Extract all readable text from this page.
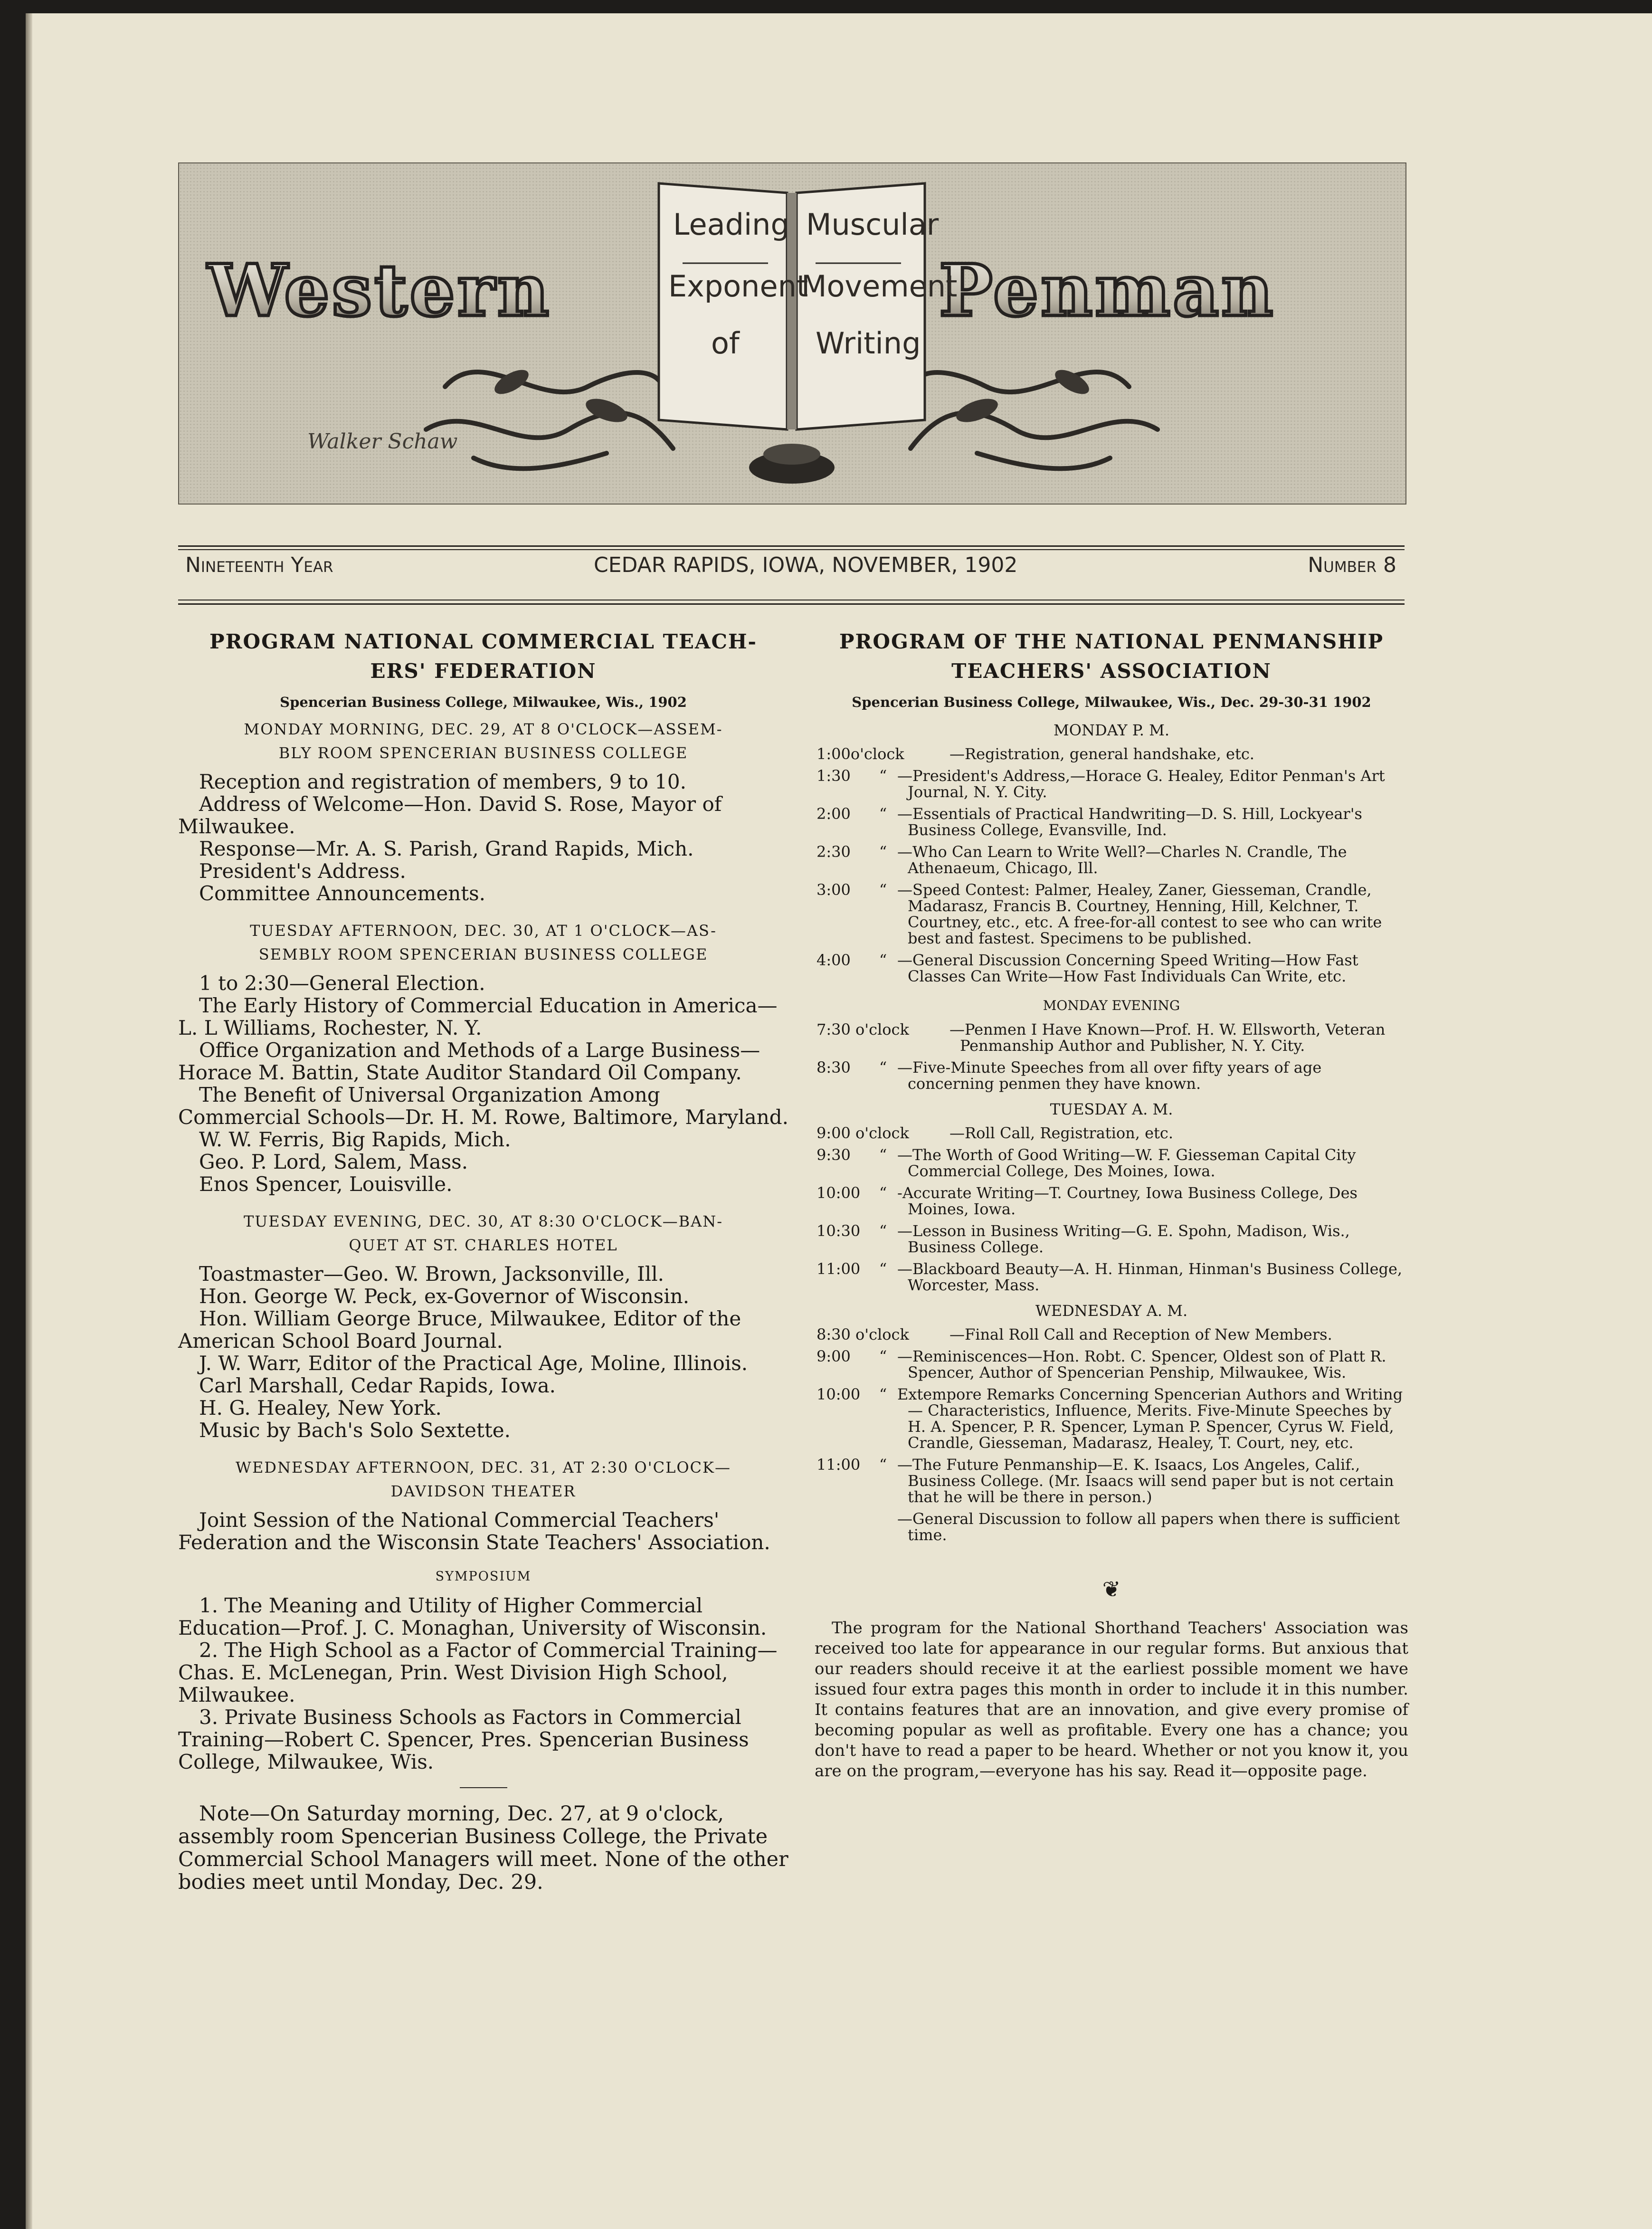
Western	Penman
Leading
Exponent
of
Muscular
Movement
Writing
Walker Schaw
Nineteenth Year	CEDAR RAPIDS, IOWA, NOVEMBER, 1902	Number 8

PROGRAM NATIONAL COMMERCIAL TEACH-

ERS' FEDERATION

Spencerian Business College, Milwaukee, Wis., 1902

MONDAY MORNING, DEC. 29, AT 8 O'CLOCK—ASSEM-
BLY ROOM SPENCERIAN BUSINESS COLLEGE

Reception and registration of members, 9 to 10.

Address of Welcome—Hon. David S. Rose, Mayor of Milwaukee.

Response—Mr. A. S. Parish, Grand Rapids, Mich.

President's Address.

Committee Announcements.

TUESDAY AFTERNOON, DEC. 30, AT 1 O'CLOCK—AS-
SEMBLY ROOM SPENCERIAN BUSINESS COLLEGE

1 to 2:30—General Election.

The Early History of Commercial Education in America—L. L Williams, Rochester, N. Y.

Office Organization and Methods of a Large Business—Horace M. Battin, State Auditor Standard Oil Company.

The Benefit of Universal Organization Among Commercial Schools—Dr. H. M. Rowe, Baltimore, Maryland.

W. W. Ferris, Big Rapids, Mich.

Geo. P. Lord, Salem, Mass.

Enos Spencer, Louisville.

TUESDAY EVENING, DEC. 30, AT 8:30 O'CLOCK—BAN-
QUET AT ST. CHARLES HOTEL

Toastmaster—Geo. W. Brown, Jacksonville, Ill.

Hon. George W. Peck, ex-Governor of Wisconsin.

Hon. William George Bruce, Milwaukee, Editor of the American School Board Journal.

J. W. Warr, Editor of the Practical Age, Moline, Illinois.

Carl Marshall, Cedar Rapids, Iowa.

H. G. Healey, New York.

Music by Bach's Solo Sextette.

WEDNESDAY AFTERNOON, DEC. 31, AT 2:30 O'CLOCK—
DAVIDSON THEATER

Joint Session of the National Commercial Teachers' Federation and the Wisconsin State Teachers' Association.

SYMPOSIUM

1. The Meaning and Utility of Higher Commercial Education—Prof. J. C. Monaghan, University of Wisconsin.

2. The High School as a Factor of Commercial Training—Chas. E. McLenegan, Prin. West Division High School, Milwaukee.

3. Private Business Schools as Factors in Commercial Training—Robert C. Spencer, Pres. Spencerian Business College, Milwaukee, Wis.

Note—On Saturday morning, Dec. 27, at 9 o'clock, assembly room Spencerian Business College, the Private Commercial School Managers will meet. None of the other bodies meet until Monday, Dec. 29.

PROGRAM OF THE NATIONAL PENMANSHIP

TEACHERS' ASSOCIATION

Spencerian Business College, Milwaukee, Wis., Dec. 29-30-31 1902

MONDAY P. M.
1:00o'clock	—Registration, general handshake, etc.
1:30	“ —President's Address,—Horace G. Healey, Editor Penman's Art Journal, N. Y. City.
2:00	“ —Essentials of Practical Handwriting—D. S. Hill, Lockyear's Business College, Evansville, Ind.
2:30	“ —Who Can Learn to Write Well?—Charles N. Crandle, The Athenaeum, Chicago, Ill.
3:00	“ —Speed Contest: Palmer, Healey, Zaner, Giesseman, Crandle, Madarasz, Francis B. Courtney, Henning, Hill, Kelchner, T. Courtney, etc., etc. A free-for-all contest to see who can write best and fastest. Specimens to be published.
4:00	“ —General Discussion Concerning Speed Writing—How Fast Classes Can Write—How Fast Individuals Can Write, etc.
MONDAY EVENING
7:30 o'clock	—Penmen I Have Known—Prof. H. W. Ellsworth, Veteran Penmanship Author and Publisher, N. Y. City.
8:30	“ —Five-Minute Speeches from all over fifty years of age concerning penmen they have known.
TUESDAY A. M.
9:00 o'clock	—Roll Call, Registration, etc.
9:30	“ —The Worth of Good Writing—W. F. Giesseman Capital City Commercial College, Des Moines, Iowa.
10:00	“ -Accurate Writing—T. Courtney, Iowa Business College, Des Moines, Iowa.
10:30	“ —Lesson in Business Writing—G. E. Spohn, Madison, Wis., Business College.
11:00	“ —Blackboard Beauty—A. H. Hinman, Hinman's Business College, Worcester, Mass.
WEDNESDAY A. M.
8:30 o'clock	—Final Roll Call and Reception of New Members.
9:00	“ —Reminiscences—Hon. Robt. C. Spencer, Oldest son of Platt R. Spencer, Author of Spencerian Penship, Milwaukee, Wis.
10:00	“ Extempore Remarks Concerning Spencerian Authors and Writing — Characteristics, Influence, Merits. Five-Minute Speeches by H. A. Spencer, P. R. Spencer, Lyman P. Spencer, Cyrus W. Field, Crandle, Giesseman, Madarasz, Healey, T. Court, ney, etc.
11:00	“ —The Future Penmanship—E. K. Isaacs, Los Angeles, Calif., Business College. (Mr. Isaacs will send paper but is not certain that he will be there in person.)
—General Discussion to follow all papers when there is sufficient time.
❦

The program for the National Shorthand Teachers' Association was received too late for appearance in our regular forms. But anxious that our readers should receive it at the earliest possible moment we have issued four extra pages this month in order to include it in this number. It contains features that are an innovation, and give every promise of becoming popular as well as profitable. Every one has a chance; you don't have to read a paper to be heard. Whether or not you know it, you are on the program,—everyone has his say. Read it—opposite page.
